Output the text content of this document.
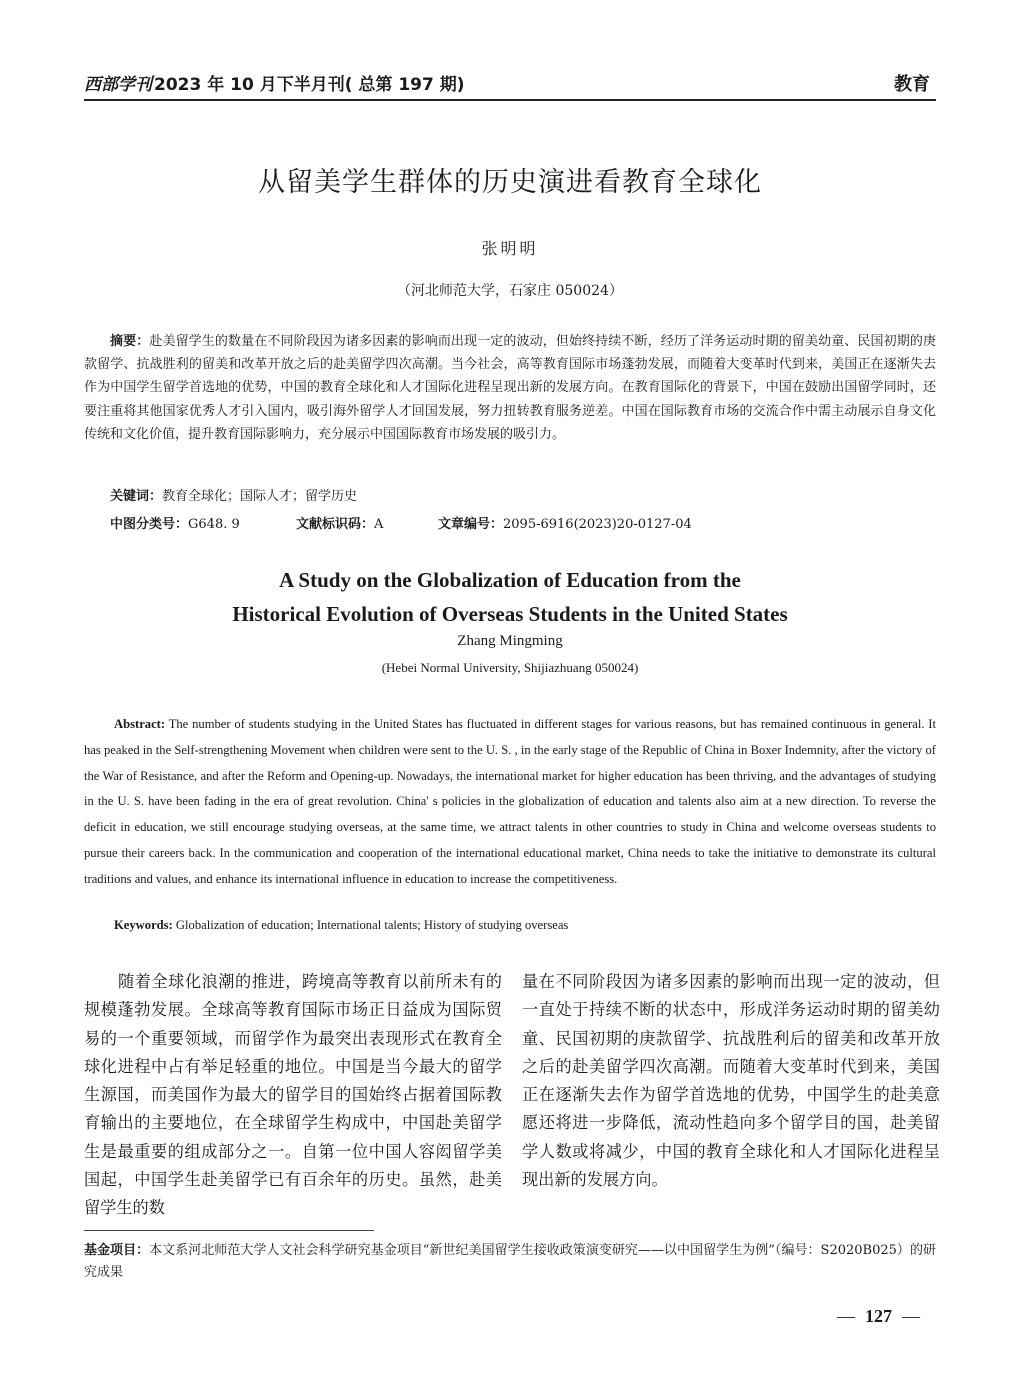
西部学刊 2023 年 10 月下半月刊( 总第 197 期)	教育
从留美学生群体的历史演进看教育全球化
张明明
（河北师范大学，石家庄 050024）
摘要：赴美留学生的数量在不同阶段因为诸多因素的影响而出现一定的波动，但始终持续不断，经历了洋务运动时期的留美幼童、民国初期的庚款留学、抗战胜利的留美和改革开放之后的赴美留学四次高潮。当今社会，高等教育国际市场蓬勃发展，而随着大变革时代到来，美国正在逐渐失去作为中国学生留学首选地的优势，中国的教育全球化和人才国际化进程呈现出新的发展方向。在教育国际化的背景下，中国在鼓励出国留学同时，还要注重将其他国家优秀人才引入国内，吸引海外留学人才回国发展，努力扭转教育服务逆差。中国在国际教育市场的交流合作中需主动展示自身文化传统和文化价值，提升教育国际影响力，充分展示中国国际教育市场发展的吸引力。
关键词：教育全球化；国际人才；留学历史
中图分类号：G648. 9	文献标识码：A	文章编号：2095-6916(2023)20-0127-04
A Study on the Globalization of Education from the
Historical Evolution of Overseas Students in the United States
Zhang Mingming
(Hebei Normal University, Shijiazhuang 050024)
Abstract: The number of students studying in the United States has fluctuated in different stages for various reasons, but has remained continuous in general. It has peaked in the Self-strengthening Movement when children were sent to the U. S. , in the early stage of the Republic of China in Boxer Indemnity, after the victory of the War of Resistance, and after the Reform and Opening-up. Nowadays, the international market for higher education has been thriving, and the advantages of studying in the U. S. have been fading in the era of great revolution. China' s policies in the globalization of education and talents also aim at a new direction. To reverse the deficit in education, we still encourage studying overseas, at the same time, we attract talents in other countries to study in China and welcome overseas students to pursue their careers back. In the communication and cooperation of the international educational market, China needs to take the initiative to demonstrate its cultural traditions and values, and enhance its international influence in education to increase the competitiveness.
Keywords: Globalization of education; International talents; History of studying overseas
随着全球化浪潮的推进，跨境高等教育以前所未有的规模蓬勃发展。全球高等教育国际市场正日益成为国际贸易的一个重要领域，而留学作为最突出表现形式在教育全球化进程中占有举足轻重的地位。中国是当今最大的留学生源国，而美国作为最大的留学目的国始终占据着国际教育输出的主要地位，在全球留学生构成中，中国赴美留学生是最重要的组成部分之一。自第一位中国人容闳留学美国起，中国学生赴美留学已有百余年的历史。虽然，赴美留学生的数
量在不同阶段因为诸多因素的影响而出现一定的波动，但一直处于持续不断的状态中，形成洋务运动时期的留美幼童、民国初期的庚款留学、抗战胜利后的留美和改革开放之后的赴美留学四次高潮。而随着大变革时代到来，美国正在逐渐失去作为留学首选地的优势，中国学生的赴美意愿还将进一步降低，流动性趋向多个留学目的国，赴美留学人数或将减少，中国的教育全球化和人才国际化进程呈现出新的发展方向。
基金项目：本文系河北师范大学人文社会科学研究基金项目“新世纪美国留学生接收政策演变研究——以中国留学生为例”（编号：S2020B025）的研究成果
— 127 —
